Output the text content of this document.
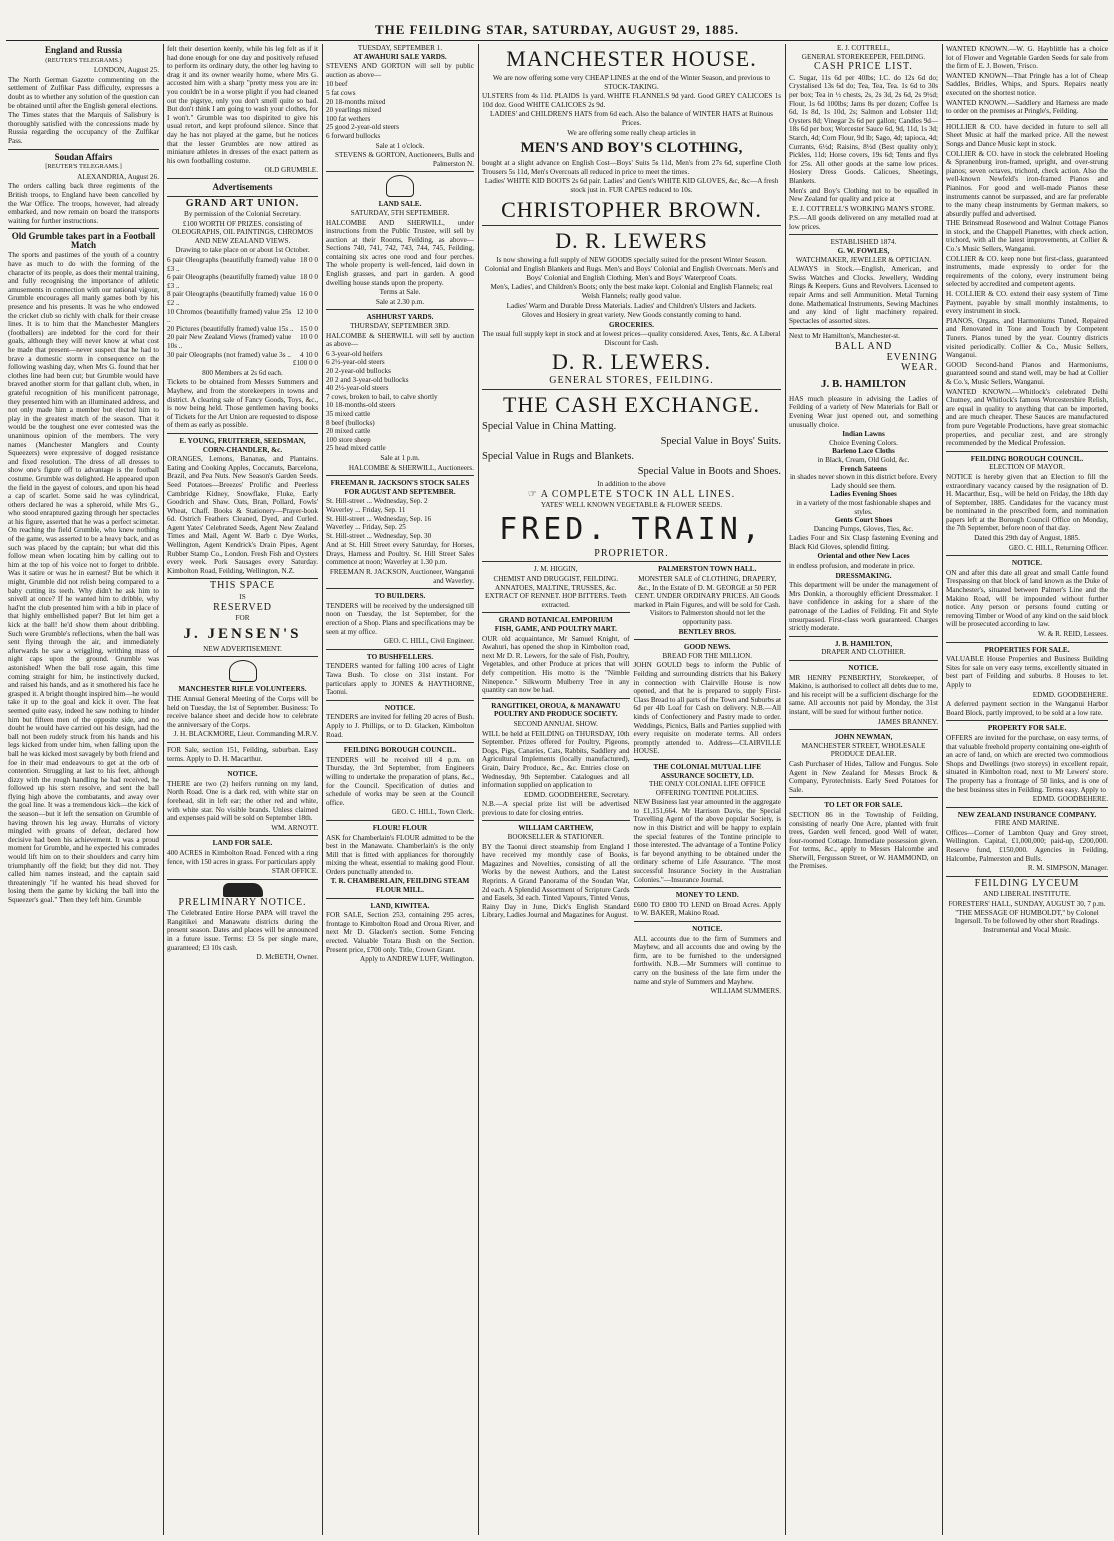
THE FEILDING STAR, SATURDAY, AUGUST 29, 1885.
England and Russia
(REUTER'S TELEGRAMS.)
LONDON, August 25.

The North German Gazette commenting on the settlement of Zulfikar Pass difficulty, expresses a doubt as to whether any solution of the question can be obtained until after the English general elections.

The Times states that the Marquis of Salisbury is thoroughly satisfied with the concessions made by Russia regarding the occupancy of the Zulfikar Pass.

Soudan Affairs
[REUTER'S TELEGRAMS.]
ALEXANDRIA, August 26.

The orders calling back three regiments of the British troops, to England have been cancelled by the War Office. The troops, however, had already embarked, and now remain on board the transports waiting for further instructions.

Old Grumble takes part in a Football Match

The sports and pastimes of the youth of a country have as much to do with the forming of the character of its people, as does their mental training, and fully recognising the importance of athletic amusements in connection with our national vigour, Grumble encourages all manly games both by his presence and his presents. It was he who endowed the cricket club so richly with chalk for their crease lines. It is to him that the Manchester Manglers (footballers) are indebted for the cord for their goals, although they will never know at what cost he made that present—never suspect that he had to brave a domestic storm in consequence on the following washing day, when Mrs G. found that her clothes line had been cut; but Grumble would have braved another storm for that gallant club, when, in grateful recognition of his munificent patronage, they presented him with an illuminated address, and not only made him a member but elected him to play in the greatest match of the season. That it would be the toughest one ever contested was the unanimous opinion of the members. The very names (Manchester Manglers and County Squeezers) were expressive of dogged resistance and fixed resolution. The dress of all dresses to show one's figure off to advantage is the football costume. Grumble was delighted. He appeared upon the field in the gayest of colours, and upon his head a cap of scarlet. Some said he was cylindrical, others declared he was a spheroid, while Mrs G., who stood enraptured gazing through her spectacles at his figure, asserted that he was a perfect scimetar. On reaching the field Grumble, who knew nothing of the game, was asserted to be a heavy back, and as such was placed by the captain; but what did this follow mean when locating him by calling out to him at the top of his voice not to forget to dribble. Was it satire or was he in earnest? But be which it might, Grumble did not relish being compared to a baby cutting its teeth. Why didn't he ask him to snivell at once? If he wanted him to dribble, why had'nt the club presented him with a bib in place of that highly embellished paper? But let him get a kick at the ball! he'd show them about dribbling. Such were Grumble's reflections, when the ball was sent flying through the air, and immediately afterwards he saw a wriggling, writhing mass of night caps upon the ground. Grumble was astonished! When the ball rose again, this time coming straight for him, he instinctively ducked, and raised his hands, and as it smothered his face he grasped it. A bright thought inspired him—he would take it up to the goal and kick it over. The feat seemed quite easy, indeed he saw nothing to hinder him but fifteen men of the opposite side, and no doubt he would have carried out his design, had the ball not been rudely struck from his hands and his legs kicked from under him, when falling upon the ball he was kicked most savagely by both friend and foe in their mad endeavours to get at the orb of contention. Struggling at last to his feet, although dizzy with the rough handling he had received, he followed up his stern resolve, and sent the ball flying high above the combatants, and away over the goal line. It was a tremendous kick—the kick of the season—but it left the sensation on Grumble of having thrown his leg away. Hurrahs of victory mingled with groans of defeat, declared how decisive had been his achievement. It was a proud moment for Grumble, and he expected his comrades would lift him on to their shoulders and carry him triumphantly off the field; but they did not. They called him names instead, and the captain said threateningly "if he wanted his head shoved for losing them the game by kicking the ball into the Squeezer's goal." Then they left him. Grumble

felt their desertion keenly, while his leg felt as if it had done enough for one day and positively refused to perform its ordinary duty, the other leg having to drag it and its owner wearily home, where Mrs G. accosted him with a sharp "pretty mess you are in: you couldn't be in a worse plight if you had cleaned out the pigstye, only you don't smell quite so bad. But don't think I am going to wash your clothes, for I won't." Grumble was too dispirited to give his usual retort, and kept profound silence. Since that day he has not played at the game, but he notices that the lesser Grumbles are now attired as miniature athletes in dresses of the exact pattern as his own footballing costume.

OLD GRUMBLE.
Advertisements
GRAND ART UNION.

By permission of the Colonial Secretary.

£100 WORTH OF PRIZES. consisting of OLEOGRAPHS, OIL PAINTINGS, CHROMOS AND NEW ZEALAND VIEWS.

Drawing to take place on or about 1st October.

6 pair Oleographs (beautifully framed) value £3 ..
18 0 0
6 pair Oleographs (beautifully framed) value £3 ..
18 0 0
8 pair Oleographs (beautifully framed) value £2 ..
16 0 0
10 Chromos (beautifully framed) value 25s ..
12 10 0
20 Pictures (beautifully framed) value 15s .. 15 0 0
20 pair New Zealand Views (framed) value 10s ..
10 0 0
30 pair Oleographs (not framed) value 3s ..	4 10 0
£100 0 0

800 Members at 2s 6d each.

Tickets to be obtained from Messrs Summers and Mayhew, and from the storekeepers in towns and district. A clearing sale of Fancy Goods, Toys, &c., is now being held. Those gentlemen having books of Tickets for the Art Union are requested to dispose of them as early as possible.

E. YOUNG, FRUITERER, SEEDSMAN, CORN-CHANDLER, &c.

ORANGES, Lemons, Bananas, and Plantains. Eating and Cooking Apples, Coccanuts, Barcelona, Brazil, and Pea Nuts. New Season's Garden Seeds. Seed Potatoes—Breezes' Prolific and Peerless Cambridge Kidney, Snowflake, Fluke, Early Goodrich and Shaw. Oats, Bran, Pollard, Fowls' Wheat, Chaff. Books & Stationery—Prayer-book 6d. Ostrich Feathers Cleaned, Dyed, and Curled. Agent Yates' Celebrated Seeds, Agent New Zealand Times and Mail, Agent W. Barb r. Dye Works, Wellington, Agent Kendrick's Drain Pipes, Agent Rubber Stamp Co., London. Fresh Fish and Oysters every week. Pork Sausages every Saturday. Kimbolton Road, Feilding, Wellington, N.Z.

THIS SPACE
IS
RESERVED
FOR
J. JENSEN'S
NEW ADVERTISEMENT.

MANCHESTER RIFLE VOLUNTEERS.

THE Annual General Meeting of the Corps will be held on Tuesday, the 1st of September. Business: To receive balance sheet and decide how to celebrate the anniversary of the Corps.

J. H. BLACKMORE, Lieut. Commanding M.R.V.

FOR Sale, section 151, Feilding, suburban. Easy terms. Apply to D. H. Macarthur.

NOTICE.

THERE are two (2) heifers running on my land, North Road. One is a dark red, with white star on forehead, slit in left ear; the other red and white, with white star. No visible brands. Unless claimed and expenses paid will be sold on September 18th.

WM. ARNOTT.

LAND FOR SALE.

400 ACRES in Kimbolton Road. Fenced with a ring fence, with 150 acres in grass. For particulars apply

STAR OFFICE.

PRELIMINARY NOTICE.

The Celebrated Entire Horse PAPA will travel the Rangitikei and Manawatu districts during the present season. Dates and places will be announced in a future issue. Terms: £3 5s per single mare, guaranteed; £3 10s cash.

D. McBETH, Owner.

TUESDAY, SEPTEMBER 1.
AT AWAHURI SALE YARDS.

STEVENS AND GORTON will sell by public auction as above—

10 beef
5 fat cows
20 18-months mixed
20 yearlings mixed
100 fat wethers
25 good 2-year-old steers
6 forward bullocks

Sale at 1 o'clock.

STEVENS & GORTON, Auctioneers, Bulls and Palmerston N.

LAND SALE.
SATURDAY, 5TH SEPTEMBER.

HALCOMBE AND SHERWILL, under instructions from the Public Trustee, will sell by auction at their Rooms, Feilding, as above— Sections 740, 741, 742, 743, 744, 745, Feilding, containing six acres one rood and four perches. The whole property is well-fenced, laid down in English grasses, and part in garden. A good dwelling house stands upon the property.

Terms at Sale.

Sale at 2.30 p.m.

ASHHURST YARDS.
THURSDAY, SEPTEMBER 3RD.

HALCOMBE & SHERWILL will sell by auction as above—

6 3-year-old heifers
6 2½-year-old steers
20 2-year-old bullocks
20 2 and 3-year-old bullocks
40 2½-year-old steers
7 cows, broken to bail, to calve shortly
10 18-months-old steers
35 mixed cattle
8 beef (bullocks)
20 mixed cattle
100 store sheep
25 head mixed cattle

Sale at 1 p.m.

HALCOMBE & SHERWILL, Auctioneers.

FREEMAN R. JACKSON'S STOCK SALES FOR AUGUST AND SEPTEMBER.

St. Hill-street ... Wednesday, Sep. 2
Waverley ... Friday, Sep. 11
St. Hill-street ... Wednesday, Sep. 16
Waverley ... Friday, Sep. 25
St. Hill-street ... Wednesday, Sep. 30

And at St. Hill Street every Saturday, for Horses, Drays, Harness and Poultry. St. Hill Street Sales commence at noon; Waverley at 1.30 p.m.

FREEMAN R. JACKSON, Auctioneer, Wanganui and Waverley.

TO BUILDERS.

TENDERS will be received by the undersigned till noon on Tuesday, the 1st September, for the erection of a Shop. Plans and specifications may be seen at my office.

GEO. C. HILL, Civil Engineer.

TO BUSHFELLERS.

TENDERS wanted for falling 100 acres of Light Tawa Bush. To close on 31st instant. For particulars apply to JONES & HAYTHORNE, Taonui.

NOTICE.

TENDERS are invited for felling 20 acres of Bush. Apply to J. Phillips, or to D. Glacken, Kimbolton Road.

FEILDING BOROUGH COUNCIL.

TENDERS will be received till 4 p.m. on Thursday, the 3rd September, from Engineers willing to undertake the preparation of plans, &c., for the Council. Specification of duties and schedule of works may be seen at the Council office.

GEO. C. HILL, Town Clerk.

FLOUR! FLOUR

ASK for Chamberlain's FLOUR admitted to be the best in the Manawatu. Chamberlain's is the only Mill that is fitted with appliances for thoroughly mixing the wheat, essential to making good Flour. Orders punctually attended to.

T. R. CHAMBERLAIN, FEILDING STEAM FLOUR MILL.

LAND, KIWITEA.

FOR SALE, Section 253, containing 295 acres, frontage to Kimbolton Road and Oroua River, and next Mr D. Glacken's section. Some Fencing erected. Valuable Totara Bush on the Section. Present price, £700 only. Title, Crown Grant.

Apply to ANDREW LUFF, Wellington.

MANCHESTER HOUSE.

We are now offering some very CHEAP LINES at the end of the Winter Season, and previous to STOCK-TAKING.

ULSTERS from 4s 11d. PLAIDS 1s yard. WHITE FLANNELS 9d yard. Good GREY CALICOES 1s 10d doz. Good WHITE CALICOES 2s 9d.

LADIES' and CHILDREN'S HATS from 6d each. Also the balance of WINTER HATS at Ruinous Prices.

We are offering some really cheap articles in

MEN'S AND BOY'S CLOTHING,

bought at a slight advance on English Cost—Boys' Suits 5s 11d, Men's from 27s 6d, superfine Cloth Trousers 5s 11d, Men's Overcoats all reduced in price to meet the times.

Ladies' WHITE KID BOOTS 2s 6d pair. Ladies' and Gent's WHITE KID GLOVES, &c, &c—A fresh stock just in. FUR CAPES reduced to 10s.

CHRISTOPHER BROWN.
D. R. LEWERS

Is now showing a full supply of NEW GOODS specially suited for the present Winter Season.

Colonial and English Blankets and Rugs. Men's and Boys' Colonial and English Overcoats. Men's and Boys' Colonial and English Clothing. Men's and Boys' Waterproof Coats.

Men's, Ladies', and Children's Boots; only the best make kept. Colonial and English Flannels; real Welsh Flannels; really good value.

Ladies' Warm and Durable Dress Materials. Ladies' and Children's Ulsters and Jackets.

Gloves and Hosiery in great variety. New Goods constantly coming to hand.

GROCERIES.

The usual full supply kept in stock and at lowest prices—quality considered. Axes, Tents, &c. A Liberal Discount for Cash.

D. R. LEWERS.
GENERAL STORES, FEILDING.
THE CASH EXCHANGE.
Special Value in China Matting.
Special Value in Boys' Suits.
Special Value in Rugs and Blankets.
Special Value in Boots and Shoes.

In addition to the above

☞ A COMPLETE STOCK IN ALL LINES.

YATES' WELL KNOWN VEGETABLE & FLOWER SEEDS.

FRED. TRAIN,
PROPRIETOR.
J. M. HIGGIN,

CHEMIST AND DRUGGIST, FEILDING. ANNATOES, MALTINE, TRUSSES, &c. EXTRACT OF RENNET. HOP BITTERS. Teeth extracted.

GRAND BOTANICAL EMPORIUM
FISH, GAME, AND POULTRY MART.

OUR old acquaintance, Mr Samuel Knight, of Awahuri, has opened the shop in Kimbolton road, next Mr D. R. Lewers, for the sale of Fish, Poultry, Vegetables, and other Produce at prices that will defy competition. His motto is the "Nimble Ninepence." Silkworm Mulberry Tree in any quantity can now be had.

RANGITIKEI, OROUA, & MANAWATU POULTRY AND PRODUCE SOCIETY.

SECOND ANNUAL SHOW.

WILL be held at FEILDING on THURSDAY, 10th September. Prizes offered for Poultry, Pigeons, Dogs, Pigs, Canaries, Cats, Rabbits, Saddlery and Agricultural Implements (locally manufactured), Grain, Dairy Produce, &c., &c. Entries close on Wednesday, 9th September. Catalogues and all information supplied on application to

EDMD. GOODBEHERE, Secretary.

N.B.—A special prize list will be advertised previous to date for closing entries.

WILLIAM CARTHEW,
BOOKSELLER & STATIONER.

BY the Taonui direct steamship from England I have received my monthly case of Books, Magazines and Novelties, consisting of all the Works by the newest Authors, and the Latest Reprints. A Grand Panorama of the Soudan War, 2d each. A Splendid Assortment of Scripture Cards and Easels, 3d each. Tinted Vapours, Tinted Venus, Rainy Day in June, Dick's English Standard Library, Ladies Journal and Magazines for August.

PALMERSTON TOWN HALL.

MONSTER SALE of CLOTHING, DRAPERY, &c., In the Estate of D. M. GEORGE at 50 PER CENT. UNDER ORDINARY PRICES. All Goods marked in Plain Figures, and will be sold for Cash. Visitors to Palmerston should not let the opportunity pass.

BENTLEY BROS.

GOOD NEWS.
BREAD FOR THE MILLION.

JOHN GOULD begs to inform the Public of Feilding and surrounding districts that his Bakery in connection with Clairville House is now opened, and that he is prepared to supply First-Class Bread to all parts of the Town and Suburbs at 6d per 4lb Loaf for Cash on delivery. N.B.—All kinds of Confectionery and Pastry made to order. Weddings, Picnics, Balls and Parties supplied with every requisite on moderate terms. All orders promptly attended to. Address—CLAIRVILLE HOUSE.

THE COLONIAL MUTUAL LIFE ASSURANCE SOCIETY, LD.
THE ONLY COLONIAL LIFE OFFICE OFFERING TONTINE POLICIES.

NEW Business last year amounted in the aggregate to £1,151,664. Mr Harrison Davis, the Special Travelling Agent of the above popular Society, is now in this District and will be happy to explain the special features of the Tontine principle to those interested. The advantage of a Tontine Policy is far beyond anything to be obtained under the ordinary scheme of Life Assurance. "The most successful Insurance Society in the Australian Colonies."—Insurance Journal.

MONEY TO LEND.

£600 TO £800 TO LEND on Broad Acres. Apply to W. BAKER, Makino Road.

NOTICE.

ALL accounts due to the firm of Summers and Mayhew, and all accounts due and owing by the firm, are to be furnished to the undersigned forthwith. N.B.—Mr Summers will continue to carry on the business of the late firm under the name and style of Summers and Mayhew.

WILLIAM SUMMERS.

E. J. COTTRELL,
GENERAL STOREKEEPER, FEILDING.
CASH PRICE LIST.

C. Sugar, 11s 6d per 40lbs; I.C. do 12s 6d do; Crystalised 13s 6d do; Tea, Tea, Tea. 1s 6d to 30s per box; Tea in ½ chests, 2s, 2s 3d, 2s 6d, 2s 9½d; Flour, 1s 6d 100lbs; Jams 8s per dozen; Coffee 1s 6d, 1s 8d, 1s 10d, 2s; Salmon and Lobster 11d; Oysters 8d; Vinegar 2s 6d per gallon; Candles 9d—18s 6d per box; Worcester Sauce 6d, 9d, 11d, 1s 3d; Starch, 4d; Corn Flour, 9d lb; Sago, 4d; tapioca, 4d; Currants, 6½d; Raisins, 8½d (Best quality only); Pickles, 11d; Horse covers, 19s 6d; Tents and flys for 25s. All other goods at the same low prices. Hosiery Dress Goods. Calicoes, Sheetings, Blankets.

Men's and Boy's Clothing not to be equalled in New Zealand for quality and price at

E. J. COTTRELL'S WORKING MAN'S STORE.

P.S.—All goods delivered on any metalled road at low prices.

ESTABLISHED 1874.
G. W. FOWLES,
WATCHMAKER, JEWELLER & OPTICIAN.

ALWAYS in Stock.—English, American, and Swiss Watches and Clocks. Jewellery, Wedding Rings & Keepers. Guns and Revolvers. Licensed to repair Arms and sell Ammunition. Metal Turning done. Mathematical Instruments, Sewing Machines and any kind of light machinery repaired. Spectacles of assorted sizes.

Next to Mr Hamilton's, Manchester-st.

BALL AND
EVENING
WEAR.
J. B. HAMILTON

HAS much pleasure in advising the Ladies of Feilding of a variety of New Materials for Ball or Evening Wear just opened out, and something unusually choice.

Indian Lawns
Choice Evening Colors.
Barleno Lace Cloths
in Black, Cream, Old Gold, &c.
French Sateens
in shades never shown in this district before. Every Lady should see them.
Ladies Evening Shoes
in a variety of the most fashionable shapes and styles.
Gents Court Shoes
Dancing Pumps, Gloves, Ties, &c.

Ladies Four and Six Clasp fastening Evening and Black Kid Gloves, splendid fitting.

Oriental and other New Laces

in endless profusion, and moderate in price.

DRESSMAKING.

This department will be under the management of Mrs Donkin, a thoroughly efficient Dressmaker. I have confidence in asking for a share of the patronage of the Ladies of Feilding. Fit and Style unsurpassed. First-class work guaranteed. Charges strictly moderate.

J. B. HAMILTON,
DRAPER AND CLOTHIER.
NOTICE.

MR HENRY PENBERTHY, Storekeeper, of Makino, is authorised to collect all debts due to me, and his receipt will be a sufficient discharge for the same. All accounts not paid by Monday, the 31st instant, will be sued for without further notice.

JAMES BRANNEY.

JOHN NEWMAN,
MANCHESTER STREET, WHOLESALE PRODUCE DEALER.

Cash Purchaser of Hides, Tallow and Fungus. Sole Agent in New Zealand for Messrs Brock & Company, Pyrotechnists. Early Seed Potatoes for Sale.

TO LET OR FOR SALE.

SECTION 86 in the Township of Feilding, consisting of nearly One Acre, planted with fruit trees, Garden well fenced, good Well of water, four-roomed Cottage. Immediate possession given. For terms, &c., apply to Messrs Halcombe and Sherwill, Fergusson Street, or W. HAMMOND, on the Premises.

WANTED KNOWN.—W. G. Hayblittle has a choice lot of Flower and Vegetable Garden Seeds for sale from the firm of E. J. Bowen, 'Frisco.

WANTED KNOWN—That Pringle has a lot of Cheap Saddles, Bridles, Whips, and Spurs. Repairs neatly executed on the shortest notice.

WANTED KNOWN.—Saddlery and Harness are made to order on the premises at Pringle's, Feilding.

HOLLIER & CO. have decided in future to sell all Sheet Music at half the marked price. All the newest Songs and Dance Music kept in stock.

COLLIER & CO. have in stock the celebrated Hoeling & Spranenburg iron-framed, upright, and over-strung pianos; seven octaves, trichord, check action. Also the well-known Newfeld's iron-framed Pianos and Pianinos. For good and well-made Pianos these instruments cannot be surpassed, and are far preferable to the many cheap instruments by German makers, so absurdly puffed and advertised.

THE Brinsmead Rosewood and Walnut Cottage Pianos in stock, and the Chappell Pianettes, with check action, trichord, with all the latest improvements, at Collier & Co.'s Music Sellers, Wanganui.

COLLIER & CO. keep none but first-class, guaranteed instruments, made expressly to order for the requirements of the colony, every instrument being selected by accredited and competent agents.

H. COLLIER & CO. extend their easy system of Time Payment, payable by small monthly instalments, to every instrument in stock.

PIANOS, Organs, and Harmoniums Tuned, Repaired and Renovated in Tone and Touch by Competent Tuners. Pianos tuned by the year. Country districts visited periodically. Collier & Co., Music Sellers, Wanganui.

GOOD Second-hand Pianos and Harmoniums, guaranteed sound and stand well, may be had at Collier & Co.'s, Music Sellers, Wanganui.

WANTED KNOWN.—Whitlock's celebrated Delhi Chutney, and Whitlock's famous Worcestershire Relish, are equal in quality to anything that can be imported, and are much cheaper. These Sauces are manufactured from pure Vegetable Productions, have great stomachic properties, and peculiar zest, and are strongly recommended by the Medical Profession.

FEILDING BOROUGH COUNCIL.
ELECTION OF MAYOR.

NOTICE is hereby given that an Election to fill the extraordinary vacancy caused by the resignation of D. H. Macarthur, Esq., will be held on Friday, the 18th day of September, 1885. Candidates for the vacancy must be nominated in the prescribed form, and nomination papers left at the Borough Council Office on Monday, the 7th September, before noon of that day.

Dated this 29th day of August, 1885.

GEO. C. HILL, Returning Officer.

NOTICE.

ON and after this date all great and small Cattle found Trespassing on that block of land known as the Duke of Manchester's, situated between Palmer's Line and the Makino Road, will be impounded without further notice. Any person or persons found cutting or removing Timber or Wood of any kind on the said block will be prosecuted according to law.

W. & R. REID, Lessees.

PROPERTIES FOR SALE.

VALUABLE House Properties and Business Building Sites for sale on very easy terms, excellently situated in best part of Feilding and suburbs. 8 Houses to let. Apply to

EDMD. GOODBEHERE.

A deferred payment section in the Wanganui Harbor Board Block, partly improved, to be sold at a low rate.

PROPERTY FOR SALE.

OFFERS are invited for the purchase, on easy terms, of that valuable freehold property containing one-eighth of an acre of land, on which are erected two commodious Shops and Dwellings (two storeys) in excellent repair, situated in Kimbolton road, next to Mr Lewers' store. The property has a frontage of 50 links, and is one of the best business sites in Feilding. Terms easy. Apply to

EDMD. GOODBEHERE.

NEW ZEALAND INSURANCE COMPANY.
FIRE AND MARINE.

Offices—Corner of Lambton Quay and Grey street, Wellington. Capital, £1,000,000; paid-up, £200,000. Reserve fund, £150,000. Agencies in Feilding, Halcombe, Palmerston and Bulls.

R. M. SIMPSON, Manager.

FEILDING LYCEUM
AND LIBERAL INSTITUTE.

FORESTERS' HALL, SUNDAY, AUGUST 30, 7 p.m. "THE MESSAGE OF HUMBOLDT," by Colonel Ingersoll. To be followed by other short Readings. Instrumental and Vocal Music.
